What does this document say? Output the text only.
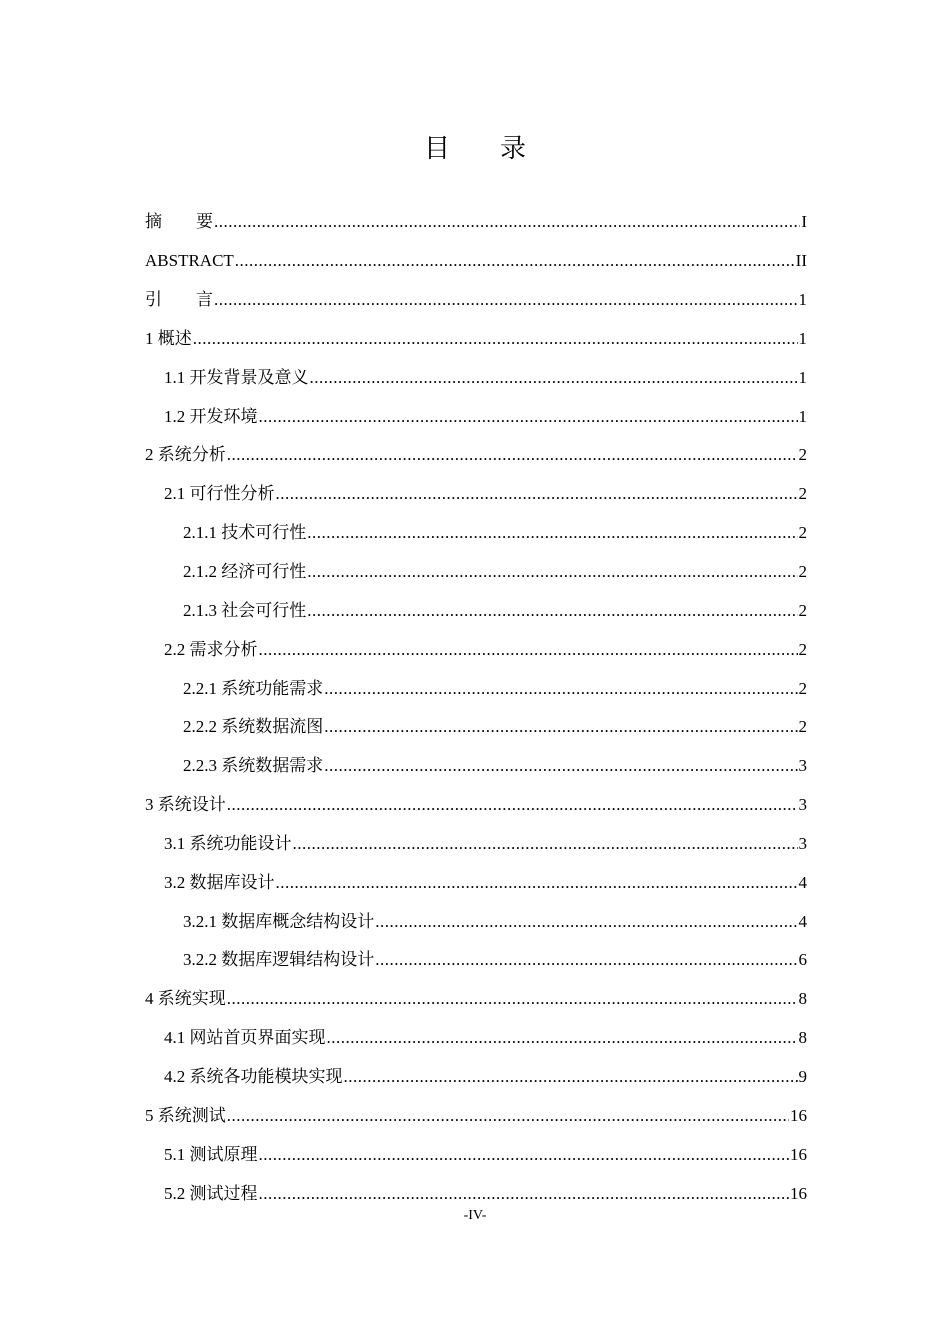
目 录
摘　　要 .....	I
ABSTRACT .....	II
引　　言 .....	1
1 概述 .....	1
1.1 开发背景及意义 .....	1
1.2 开发环境 .....	1
2 系统分析 .....	2
2.1 可行性分析 .....	2
2.1.1 技术可行性 .....	2
2.1.2 经济可行性 .....	2
2.1.3 社会可行性 .....	2
2.2 需求分析 .....	2
2.2.1 系统功能需求 .....	2
2.2.2 系统数据流图 .....	2
2.2.3 系统数据需求 .....	3
3 系统设计 .....	3
3.1 系统功能设计 .....	3
3.2 数据库设计 .....	4
3.2.1 数据库概念结构设计 .....	4
3.2.2 数据库逻辑结构设计 .....	6
4 系统实现 .....	8
4.1 网站首页界面实现 .....	8
4.2 系统各功能模块实现 .....	9
5 系统测试 .....	16
5.1 测试原理 .....	16
5.2 测试过程 .....	16
-IV-
